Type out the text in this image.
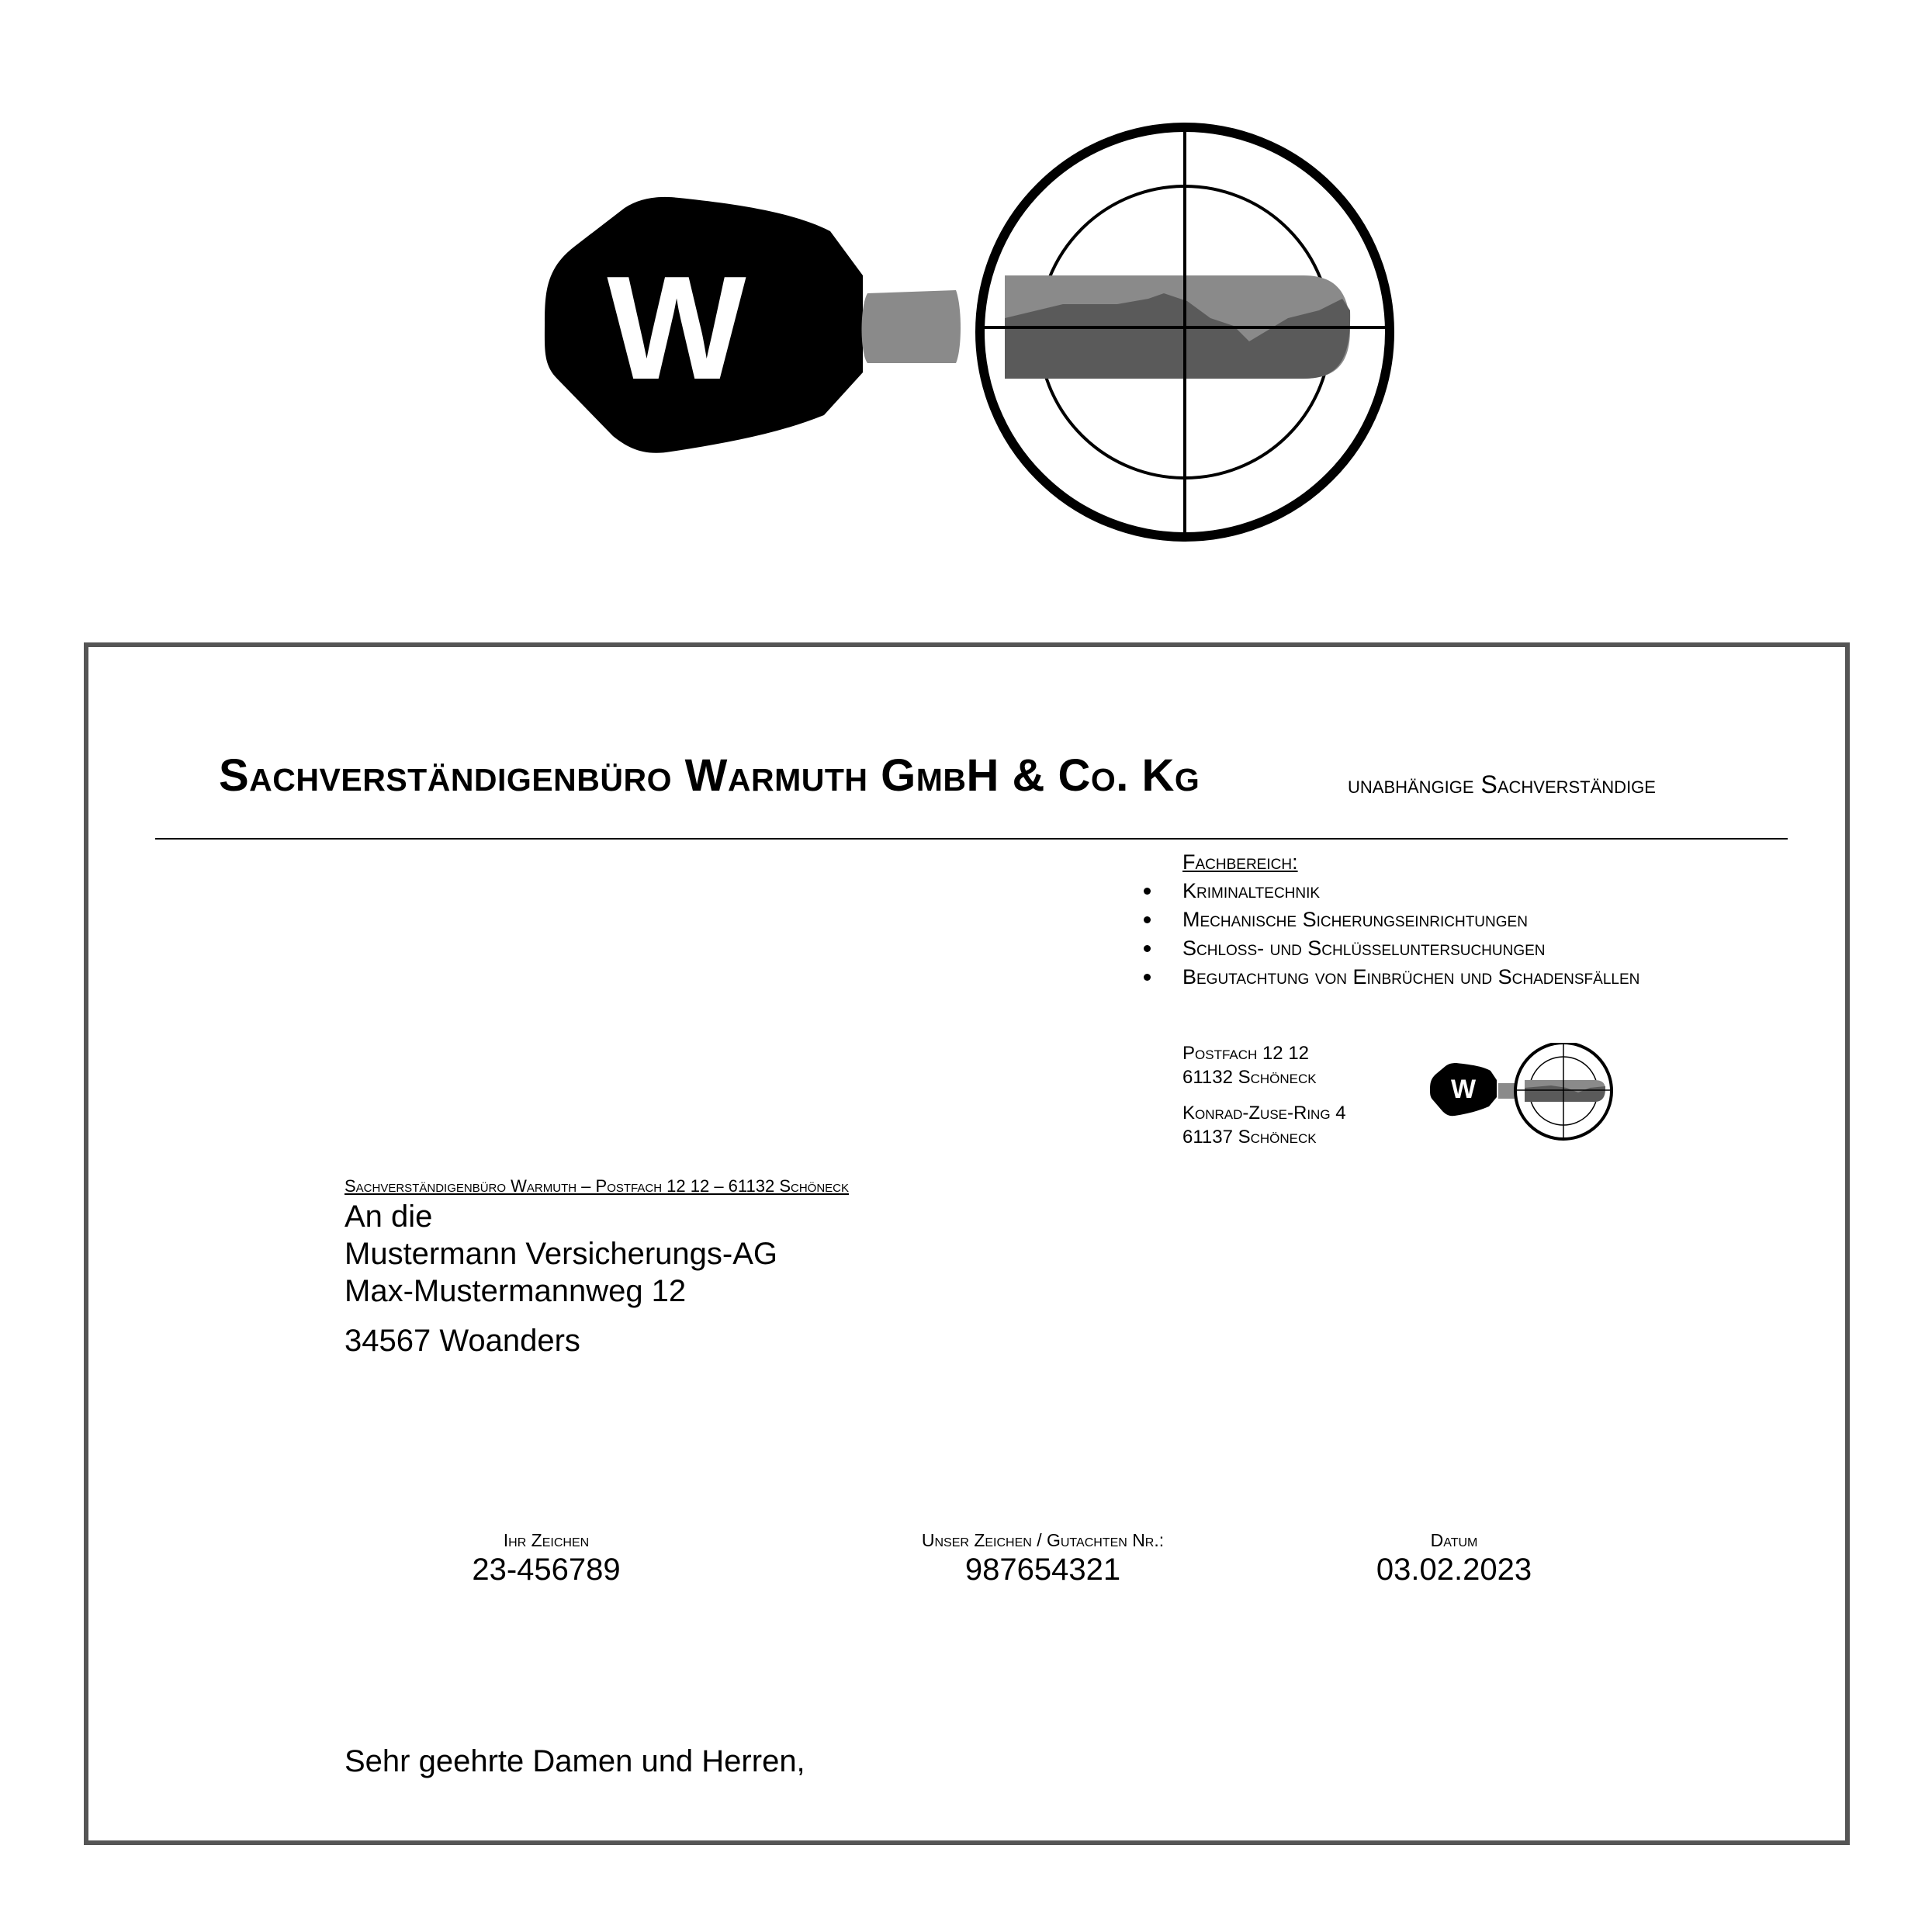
W
Sachverständigenbüro Warmuth GmbH & Co. Kg	unabhängige Sachverständige
Fachbereich:
Kriminaltechnik
Mechanische Sicherungseinrichtungen
Schloss- und Schlüsseluntersuchungen
Begutachtung von Einbrüchen und Schadensfällen
Postfach 12 12
61132 Schöneck
Konrad-Zuse-Ring 4
61137 Schöneck
W
Sachverständigenbüro Warmuth – Postfach 12 12 – 61132 Schöneck
An die
Mustermann Versicherungs-AG
Max-Mustermannweg 12
34567 Woanders
Ihr Zeichen
23-456789
Unser Zeichen / Gutachten Nr.:
987654321
Datum
03.02.2023
Sehr geehrte Damen und Herren,
